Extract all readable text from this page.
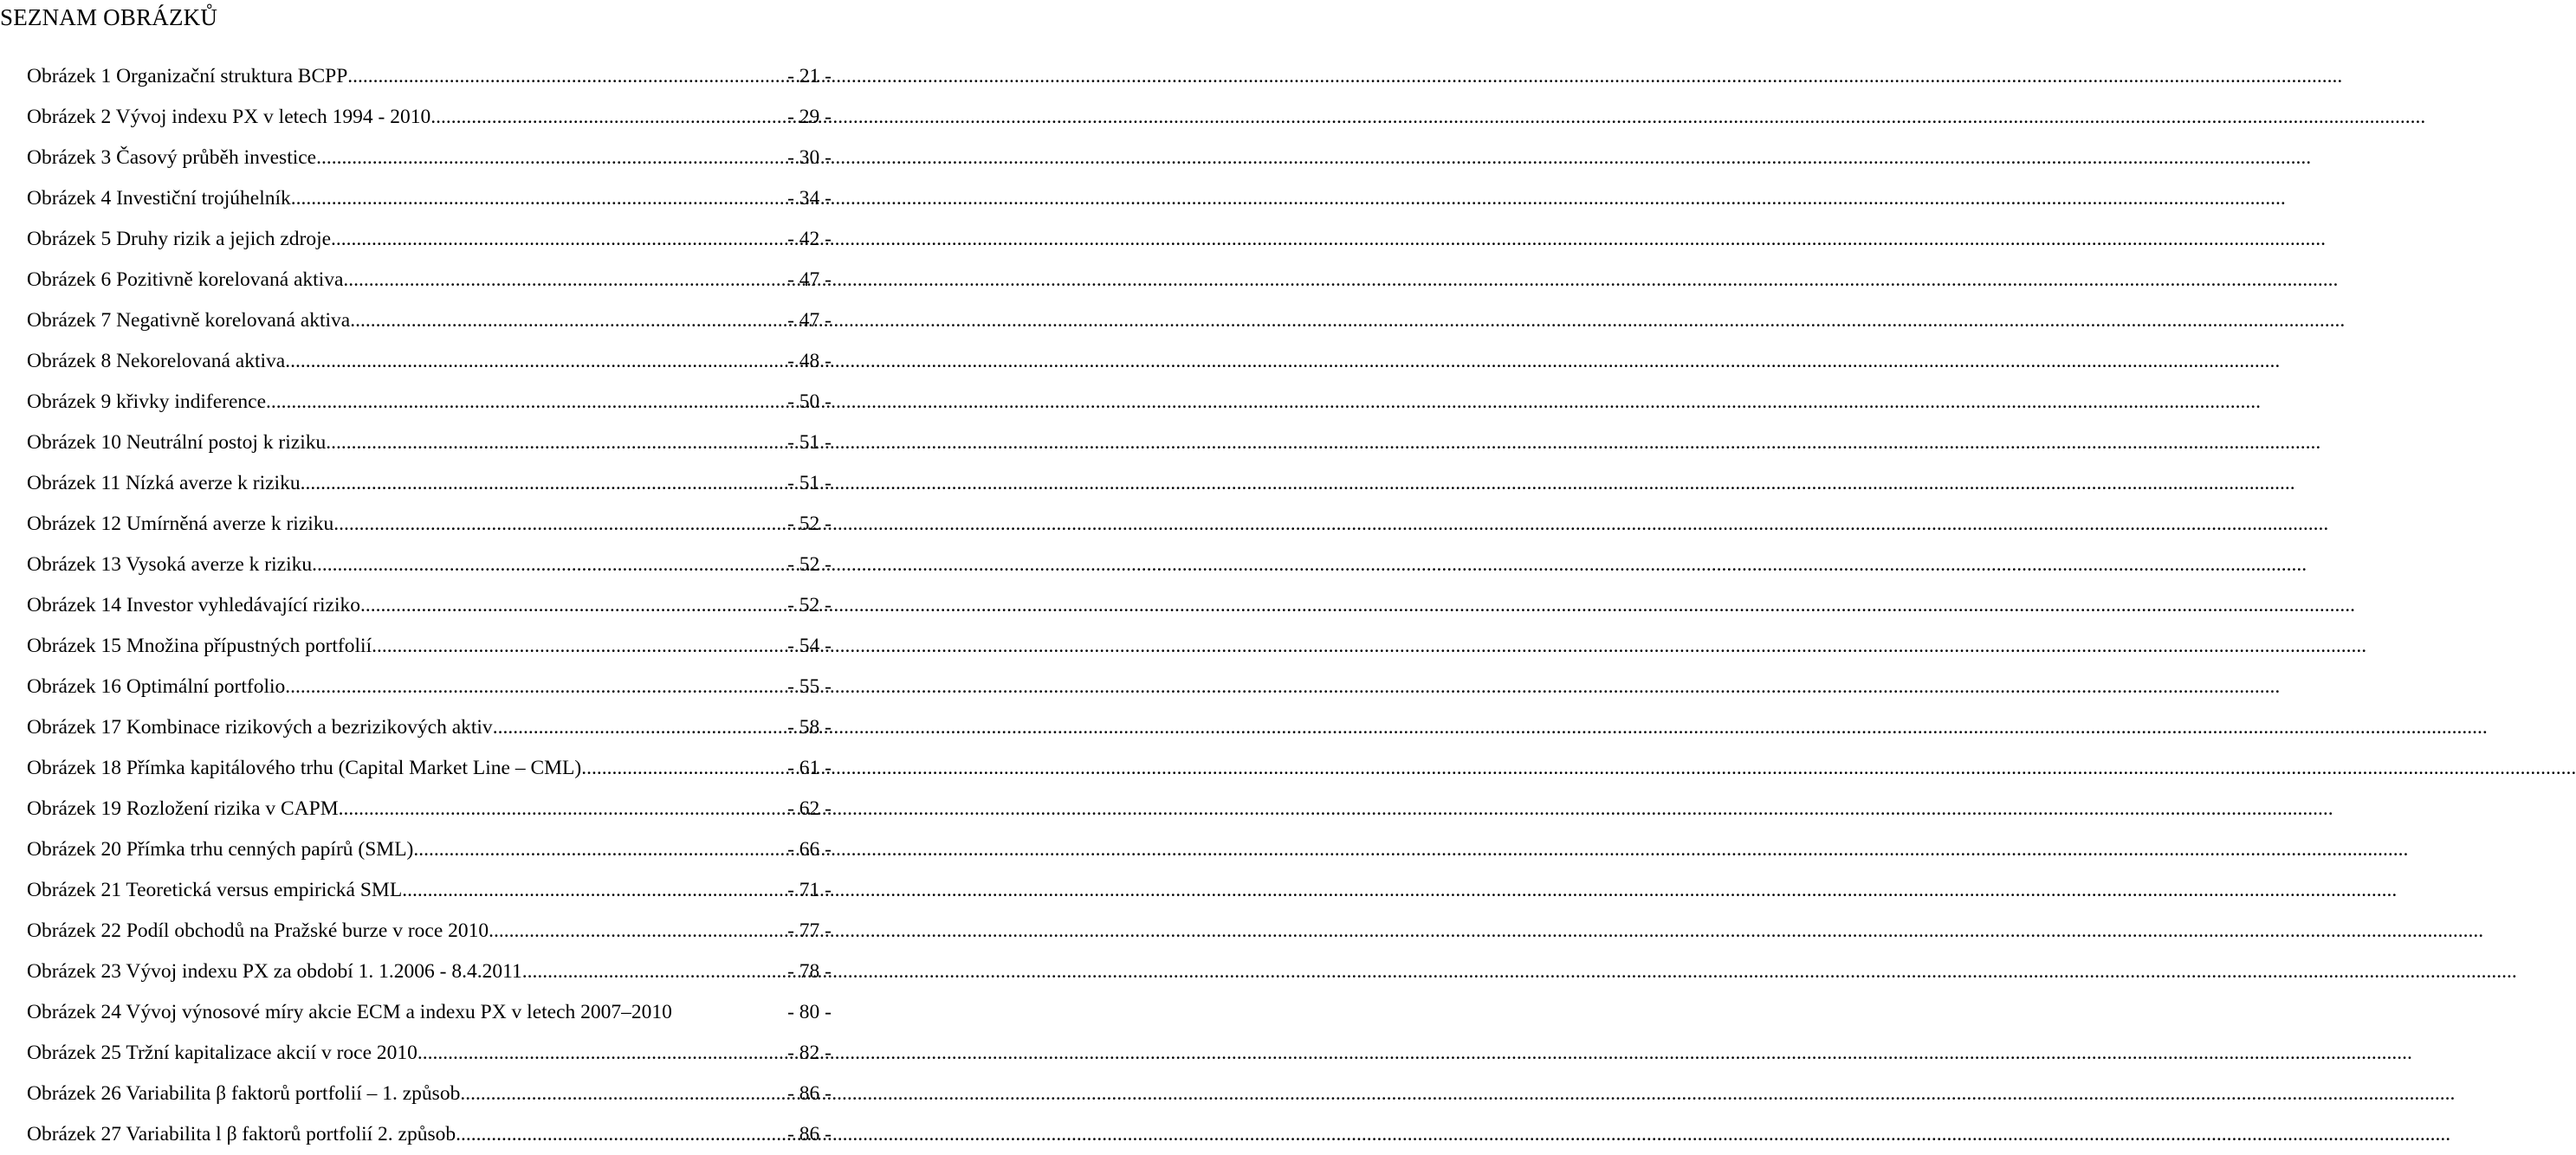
SEZNAM OBRÁZKŮ
Obrázek 1 Organizační struktura BCPP .....	- 21 -
Obrázek 2 Vývoj indexu PX v letech 1994 - 2010 .....	- 29 -
Obrázek 3 Časový průběh investice .....	- 30 -
Obrázek 4 Investiční trojúhelník .....	- 34 -
Obrázek 5 Druhy rizik a jejich zdroje .....	- 42 -
Obrázek 6 Pozitivně korelovaná aktiva .....	- 47 -
Obrázek 7 Negativně korelovaná aktiva .....	- 47 -
Obrázek 8 Nekorelovaná aktiva .....	- 48 -
Obrázek 9 křivky indiference .....	- 50 -
Obrázek 10 Neutrální postoj k riziku .....	- 51 -
Obrázek 11 Nízká averze k riziku .....	- 51 -
Obrázek 12 Umírněná averze k riziku .....	- 52 -
Obrázek 13 Vysoká averze k riziku .....	- 52 -
Obrázek 14 Investor vyhledávající riziko .....	- 52 -
Obrázek 15 Množina přípustných portfolií .....	- 54 -
Obrázek 16 Optimální portfolio .....	- 55 -
Obrázek 17 Kombinace rizikových a bezrizikových aktiv .....	- 58 -
Obrázek 18 Přímka kapitálového trhu (Capital Market Line – CML) .....	- 61 -
Obrázek 19 Rozložení rizika v CAPM .....	- 62 -
Obrázek 20 Přímka trhu cenných papírů (SML) .....	- 66 -
Obrázek 21 Teoretická versus empirická SML .....	- 71 -
Obrázek 22 Podíl obchodů na Pražské burze v roce 2010 .....	- 77 -
Obrázek 23 Vývoj indexu PX za období 1. 1.2006 - 8.4.2011 .....	- 78 -
Obrázek 24 Vývoj výnosové míry akcie ECM a indexu PX v letech 2007–2010	- 80 -
Obrázek 25 Tržní kapitalizace akcií v roce 2010 .....	- 82 -
Obrázek 26 Variabilita β faktorů portfolií – 1. způsob .....	- 86 -
Obrázek 27 Variabilita l β faktorů portfolií 2. způsob .....	- 86 -
